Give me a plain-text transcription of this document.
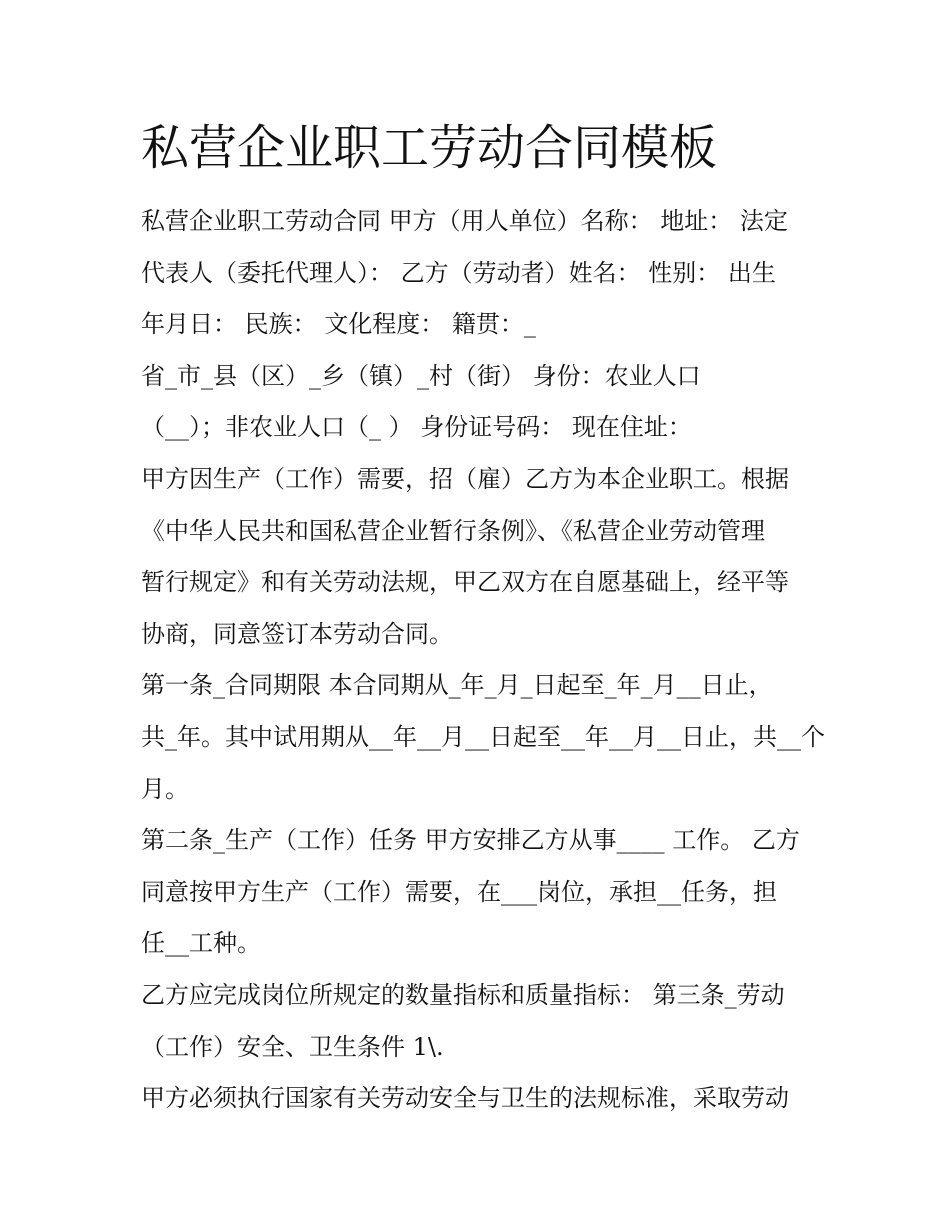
私营企业职工劳动合同模板
私营企业职工劳动合同 甲方（用人单位）名称： 地址： 法定
代表人（委托代理人）： 乙方（劳动者）姓名： 性别： 出生
年月日： 民族： 文化程度： 籍贯：_
省_市_县（区）_乡（镇）_村（街） 身份：农业人口
（__）；非农业人口（_ ） 身份证号码： 现在住址：
甲方因生产（工作）需要，招（雇）乙方为本企业职工。根据
《中华人民共和国私营企业暂行条例》、《私营企业劳动管理
暂行规定》和有关劳动法规，甲乙双方在自愿基础上，经平等
协商，同意签订本劳动合同。
第一条_合同期限 本合同期从_年_月_日起至_年_月__日止，
共_年。其中试用期从__年__月__日起至__年__月__日止，共__个
月。
第二条_生产（工作）任务 甲方安排乙方从事____ 工作。 乙方
同意按甲方生产（工作）需要，在___岗位，承担__任务，担
任__工种。
乙方应完成岗位所规定的数量指标和质量指标： 第三条_劳动
（工作）安全、卫生条件 1\.
甲方必须执行国家有关劳动安全与卫生的法规标准，采取劳动
